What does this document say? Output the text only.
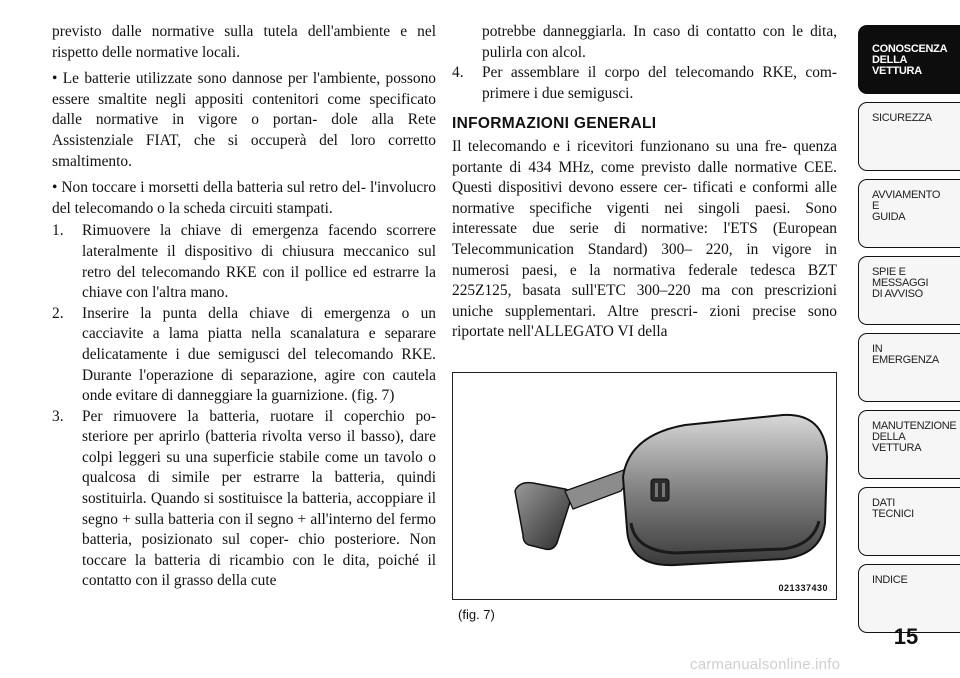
previsto dalle normative sulla tutela dell'ambiente e nel rispetto delle normative locali.

• Le batterie utilizzate sono dannose per l'ambiente, possono essere smaltite negli appositi contenitori come specificato dalle normative in vigore o portan- dole alla Rete Assistenziale FIAT, che si occuperà del loro corretto smaltimento.

• Non toccare i morsetti della batteria sul retro del- l'involucro del telecomando o la scheda circuiti stampati.

1.	Rimuovere la chiave di emergenza facendo scorrere lateralmente il dispositivo di chiusura meccanico sul retro del telecomando RKE con il pollice ed estrarre la chiave con l'altra mano.
2.	Inserire la punta della chiave di emergenza o un cacciavite a lama piatta nella scanalatura e separare delicatamente i due semigusci del telecomando RKE. Durante l'operazione di separazione, agire con cautela onde evitare di danneggiare la guarnizione. (fig. 7)
3.	Per rimuovere la batteria, ruotare il coperchio po- steriore per aprirlo (batteria rivolta verso il basso), dare colpi leggeri su una superficie stabile come un tavolo o qualcosa di simile per estrarre la batteria, quindi sostituirla. Quando si sostituisce la batteria, accoppiare il segno + sulla batteria con il segno + all'interno del fermo batteria, posizionato sul coper- chio posteriore. Non toccare la batteria di ricambio con le dita, poiché il contatto con il grasso della cute
potrebbe danneggiarla. In caso di contatto con le dita, pulirla con alcol.
4.	Per assemblare il corpo del telecomando RKE, com- primere i due semigusci.
INFORMAZIONI GENERALI

Il telecomando e i ricevitori funzionano su una fre- quenza portante di 434 MHz, come previsto dalle normative CEE. Questi dispositivi devono essere cer- tificati e conformi alle normative specifiche vigenti nei singoli paesi. Sono interessate due serie di normative: l'ETS (European Telecommunication Standard) 300– 220, in vigore in numerosi paesi, e la normativa federale tedesca BZT 225Z125, basata sull'ETC 300–220 ma con prescrizioni uniche supplementari. Altre prescri- zioni precise sono riportate nell'ALLEGATO VI della

021337430
(fig. 7)
CONOSCENZA
DELLA
VETTURA
SICUREZZA
AVVIAMENTO
E
GUIDA
SPIE E
MESSAGGI
DI AVVISO
IN
EMERGENZA
MANUTENZIONE
DELLA
VETTURA
DATI
TECNICI
INDICE
15
carmanualsonline.info
